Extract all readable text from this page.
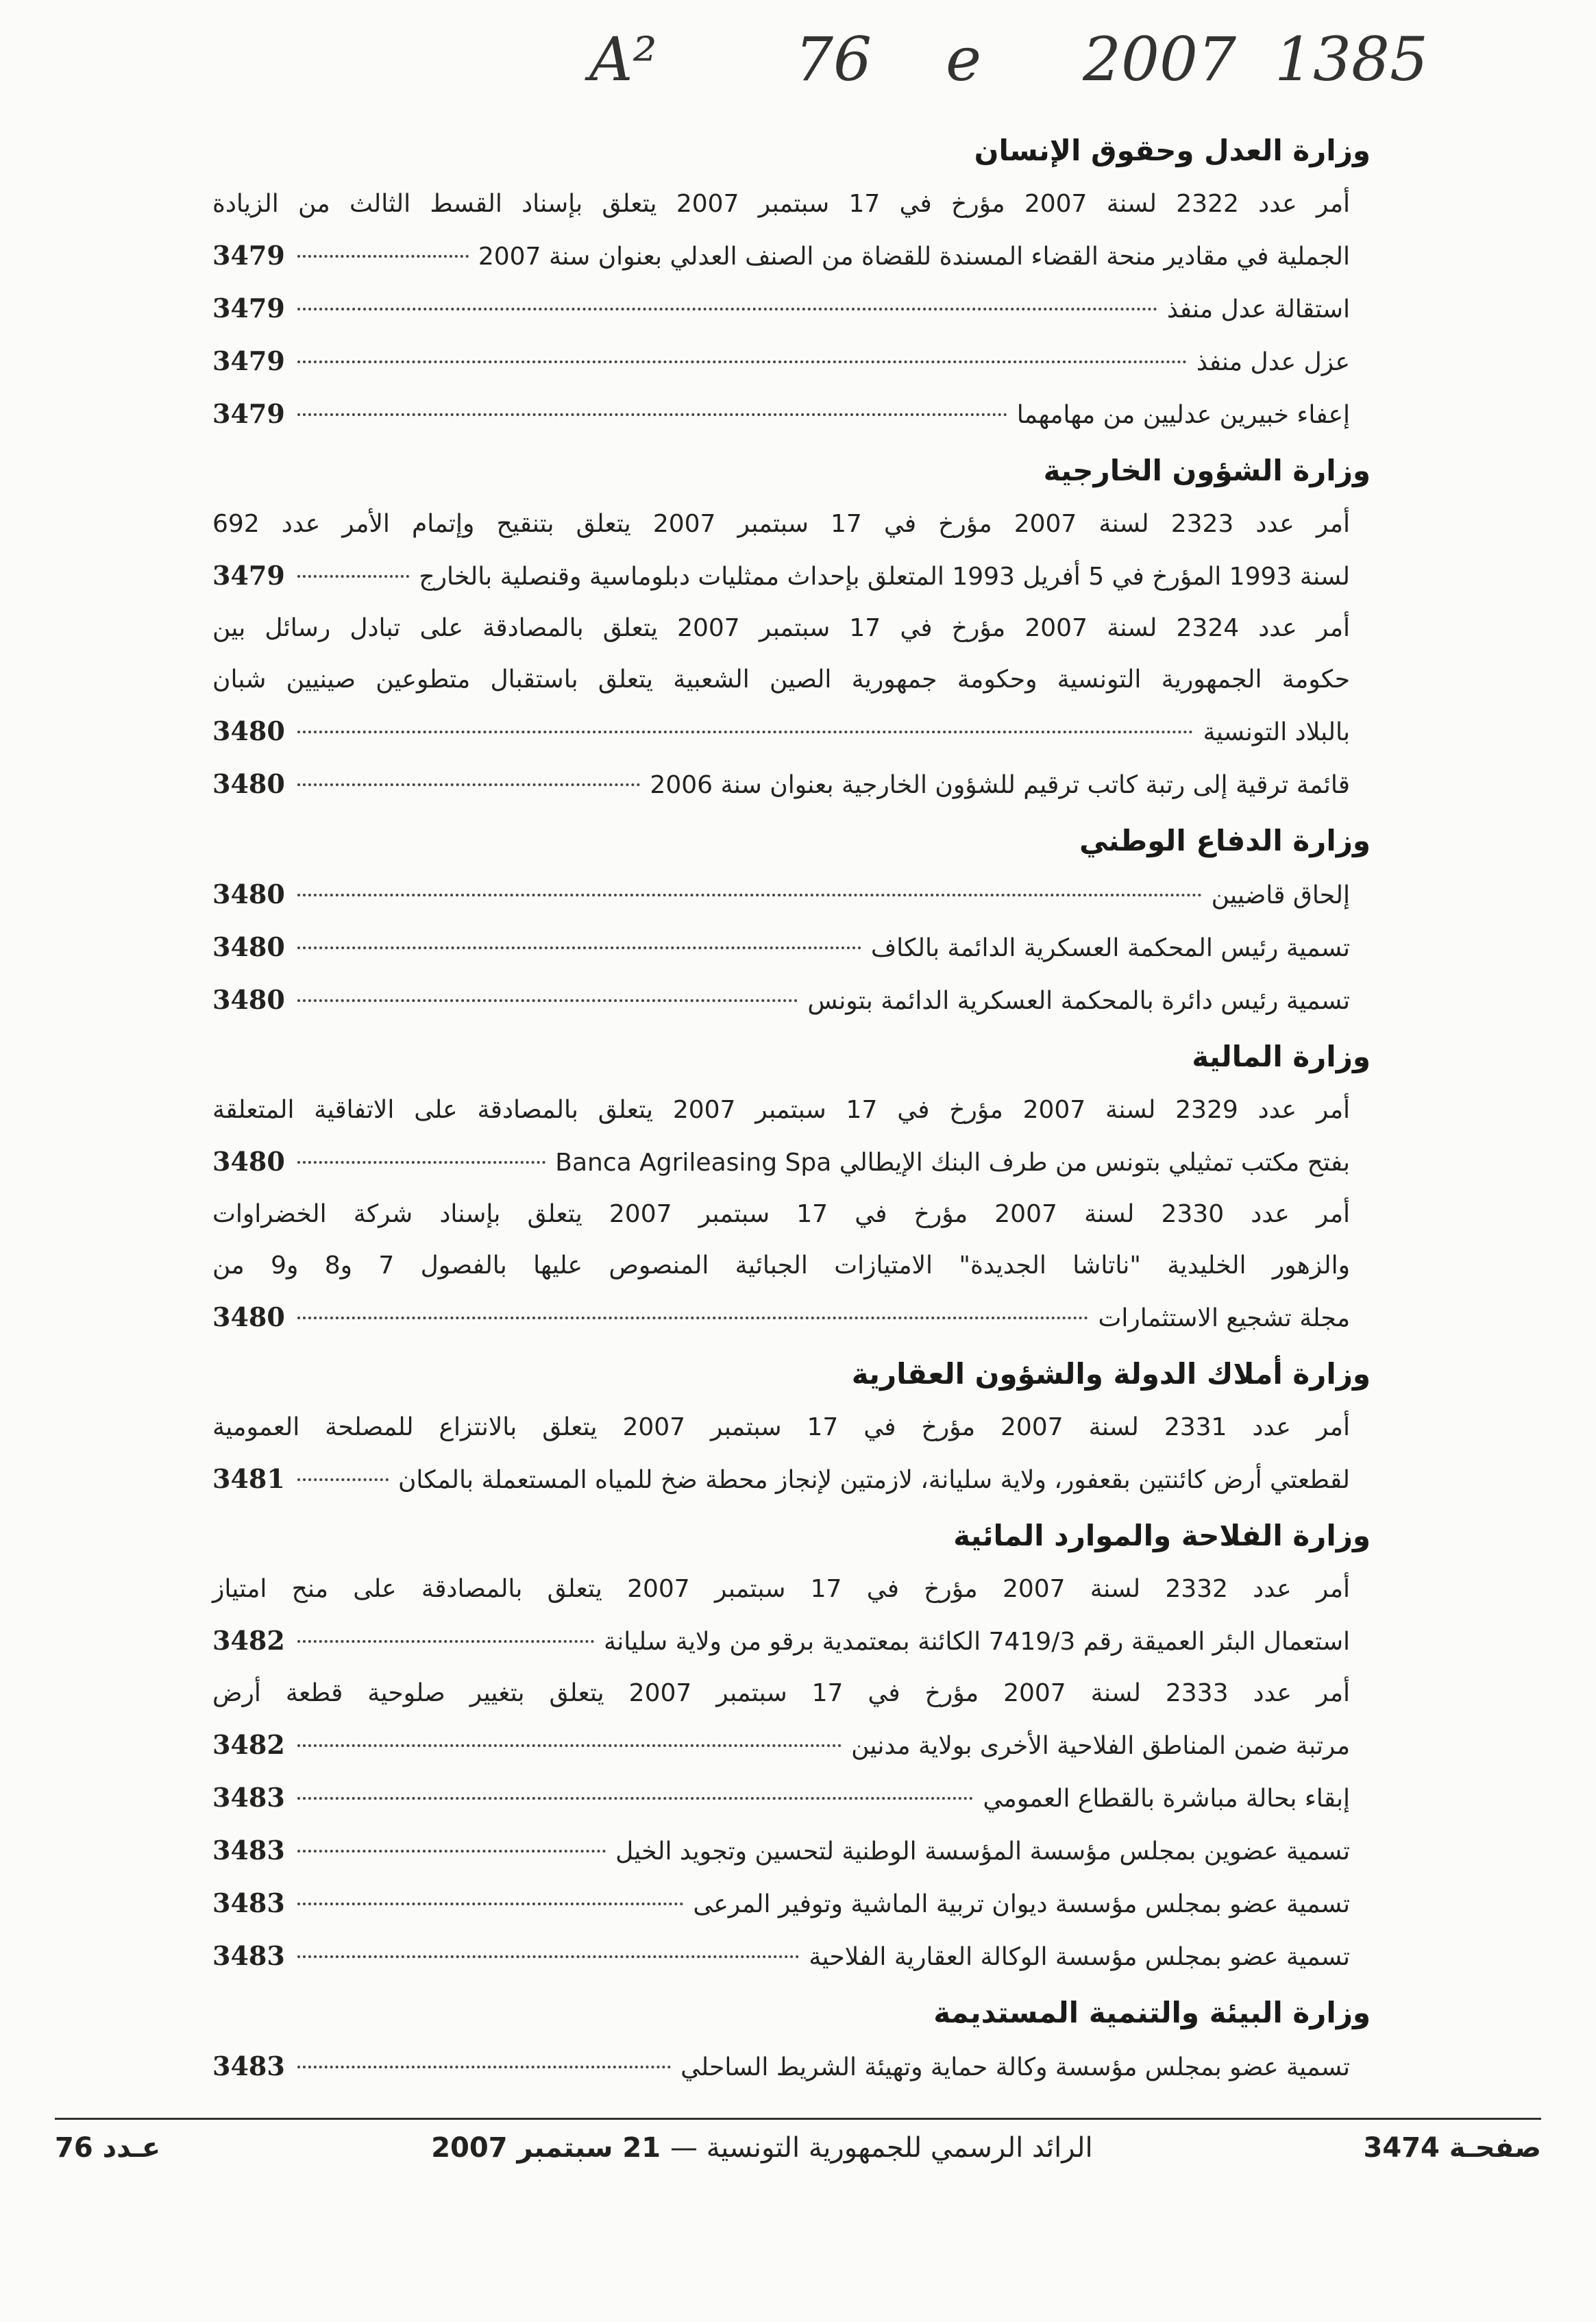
A² 76 e 2007 1385
وزارة العدل وحقوق الإنسان
أمر عدد 2322 لسنة 2007 مؤرخ في 17 سبتمبر 2007 يتعلق بإسناد القسط الثالث من الزيادة
الجملية في مقادير منحة القضاء المسندة للقضاة من الصنف العدلي بعنوان سنة 2007
3479
استقالة عدل منفذ
3479
عزل عدل منفذ
3479
إعفاء خبيرين عدليين من مهامهما
3479
وزارة الشؤون الخارجية
أمر عدد 2323 لسنة 2007 مؤرخ في 17 سبتمبر 2007 يتعلق بتنقيح وإتمام الأمر عدد 692
لسنة 1993 المؤرخ في 5 أفريل 1993 المتعلق بإحداث ممثليات دبلوماسية وقنصلية بالخارج
3479
أمر عدد 2324 لسنة 2007 مؤرخ في 17 سبتمبر 2007 يتعلق بالمصادقة على تبادل رسائل بين
حكومة الجمهورية التونسية وحكومة جمهورية الصين الشعبية يتعلق باستقبال متطوعين صينيين شبان
بالبلاد التونسية
3480
قائمة ترقية إلى رتبة كاتب ترقيم للشؤون الخارجية بعنوان سنة 2006
3480
وزارة الدفاع الوطني
إلحاق قاضيين
3480
تسمية رئيس المحكمة العسكرية الدائمة بالكاف
3480
تسمية رئيس دائرة بالمحكمة العسكرية الدائمة بتونس
3480
وزارة المالية
أمر عدد 2329 لسنة 2007 مؤرخ في 17 سبتمبر 2007 يتعلق بالمصادقة على الاتفاقية المتعلقة
بفتح مكتب تمثيلي بتونس من طرف البنك الإيطالي Banca Agrileasing Spa
3480
أمر عدد 2330 لسنة 2007 مؤرخ في 17 سبتمبر 2007 يتعلق بإسناد شركة الخضراوات
والزهور الخليدية "ناتاشا الجديدة" الامتيازات الجبائية المنصوص عليها بالفصول 7 و8 و9 من
مجلة تشجيع الاستثمارات
3480
وزارة أملاك الدولة والشؤون العقارية
أمر عدد 2331 لسنة 2007 مؤرخ في 17 سبتمبر 2007 يتعلق بالانتزاع للمصلحة العمومية
لقطعتي أرض كائنتين بقعفور، ولاية سليانة، لازمتين لإنجاز محطة ضخ للمياه المستعملة بالمكان
3481
وزارة الفلاحة والموارد المائية
أمر عدد 2332 لسنة 2007 مؤرخ في 17 سبتمبر 2007 يتعلق بالمصادقة على منح امتياز
استعمال البئر العميقة رقم 7419/3 الكائنة بمعتمدية برقو من ولاية سليانة
3482
أمر عدد 2333 لسنة 2007 مؤرخ في 17 سبتمبر 2007 يتعلق بتغيير صلوحية قطعة أرض
مرتبة ضمن المناطق الفلاحية الأخرى بولاية مدنين
3482
إبقاء بحالة مباشرة بالقطاع العمومي
3483
تسمية عضوين بمجلس مؤسسة المؤسسة الوطنية لتحسين وتجويد الخيل
3483
تسمية عضو بمجلس مؤسسة ديوان تربية الماشية وتوفير المرعى
3483
تسمية عضو بمجلس مؤسسة الوكالة العقارية الفلاحية
3483
وزارة البيئة والتنمية المستديمة
تسمية عضو بمجلس مؤسسة وكالة حماية وتهيئة الشريط الساحلي
3483
عـدد 76	الرائد الرسمي للجمهورية التونسية — 21 سبتمبر 2007	صفحـة 3474
